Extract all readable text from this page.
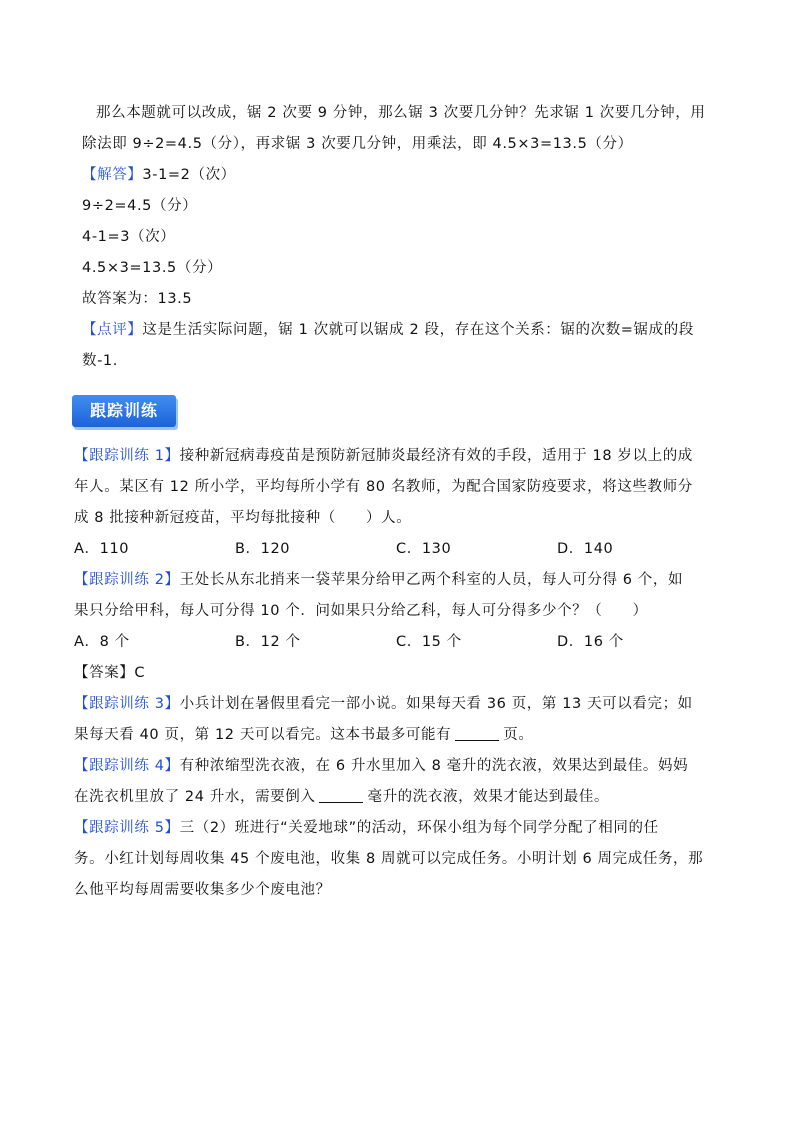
那么本题就可以改成，锯 2 次要 9 分钟，那么锯 3 次要几分钟？先求锯 1 次要几分钟，用
除法即 9÷2=4.5（分），再求锯 3 次要几分钟，用乘法，即 4.5×3=13.5（分）
【解答】3-1=2（次）
9÷2=4.5（分）
4-1=3（次）
4.5×3=13.5（分）
故答案为：13.5
【点评】这是生活实际问题，锯 1 次就可以锯成 2 段，存在这个关系：锯的次数=锯成的段
数-1.
跟踪训练
【跟踪训练 1】接种新冠病毒疫苗是预防新冠肺炎最经济有效的手段，适用于 18 岁以上的成
年人。某区有 12 所小学，平均每所小学有 80 名教师，为配合国家防疫要求，将这些教师分
成 8 批接种新冠疫苗，平均每批接种（　　）人。
A．110	B．120	C．130	D．140
【跟踪训练 2】王处长从东北捎来一袋苹果分给甲乙两个科室的人员，每人可分得 6 个，如
果只分给甲科，每人可分得 10 个．问如果只分给乙科，每人可分得多少个？（　　）
A．8 个	B．12 个	C．15 个	D．16 个
【答案】C
【跟踪训练 3】小兵计划在暑假里看完一部小说。如果每天看 36 页，第 13 天可以看完；如
果每天看 40 页，第 12 天可以看完。这本书最多可能有	页。
【跟踪训练 4】有种浓缩型洗衣液，在 6 升水里加入 8 毫升的洗衣液，效果达到最佳。妈妈
在洗衣机里放了 24 升水，需要倒入	毫升的洗衣液，效果才能达到最佳。
【跟踪训练 5】三（2）班进行“关爱地球”的活动，环保小组为每个同学分配了相同的任
务。小红计划每周收集 45 个废电池，收集 8 周就可以完成任务。小明计划 6 周完成任务，那
么他平均每周需要收集多少个废电池？
